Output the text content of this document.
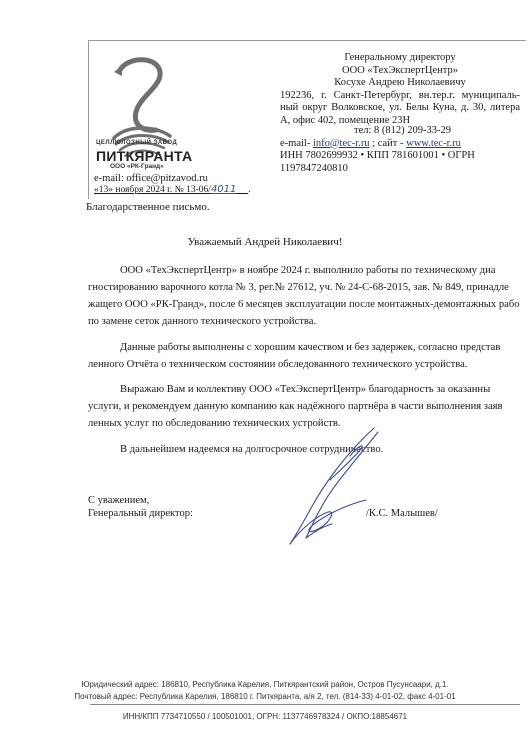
ЦЕЛЛЮЛОЗНЫЙ ЗАВОД
ПИТКЯРАНТА
ООО «РК-Гранд»
Генеральному директору
ООО «ТехЭкспертЦентр»
Косухе Андрею Николаевичу
192236, г. Санкт-Петербург, вн.тер.г. муниципаль-ный округ Волковское, ул. Белы Куна, д. 30, литера А, офис 402, помещение 23Н
тел: 8 (812) 209-33-29
e-mail- info@tec-r.ru ; сайт - www.tec-r.ru
ИНН 7802699932 • КПП 781601001 • ОГРН 1197847240810
e-mail: office@pitzavod.ru
«13» ноября 2024 г. № 13-06/4011 .
Благодарственное письмо.
Уважаемый Андрей Николаевич!
ООО «ТехЭкспертЦентр» в ноябре 2024 г. выполнило работы по техническому диа
гностированию варочного котла № 3, рег.№ 27612, уч. № 24-С-68-2015, зав. № 849, принадле
жащего ООО «РК-Гранд», после 6 месяцев эксплуатации после монтажных-демонтажных рабо
по замене сеток данного технического устройства.
Данные работы выполнены с хорошим качеством и без задержек, согласно представ
ленного Отчёта о техническом состоянии обследованного технического устройства.
Выражаю Вам и коллективу ООО «ТехЭкспертЦентр» благодарность за оказанны
услуги, и рекомендуем данную компанию как надёжного партнёра в части выполнения заяв
ленных услуг по обследованию технических устройств.
В дальнейшем надеемся на долгосрочное сотрудничество.
С уважением,
Генеральный директор:	/К.С. Малышев/
Юридический адрес: 186810, Республика Карелия, Питкярантский район, Остров Пусунсаари, д.1.
Почтовый адрес: Республика Карелия, 186810 г. Питкяранта, а/я 2, тел. (814-33) 4-01-02, факс 4-01-01
ИНН/КПП 7734710550 / 100501001, ОГРН: 1137746978324 / ОКПО:18854671
